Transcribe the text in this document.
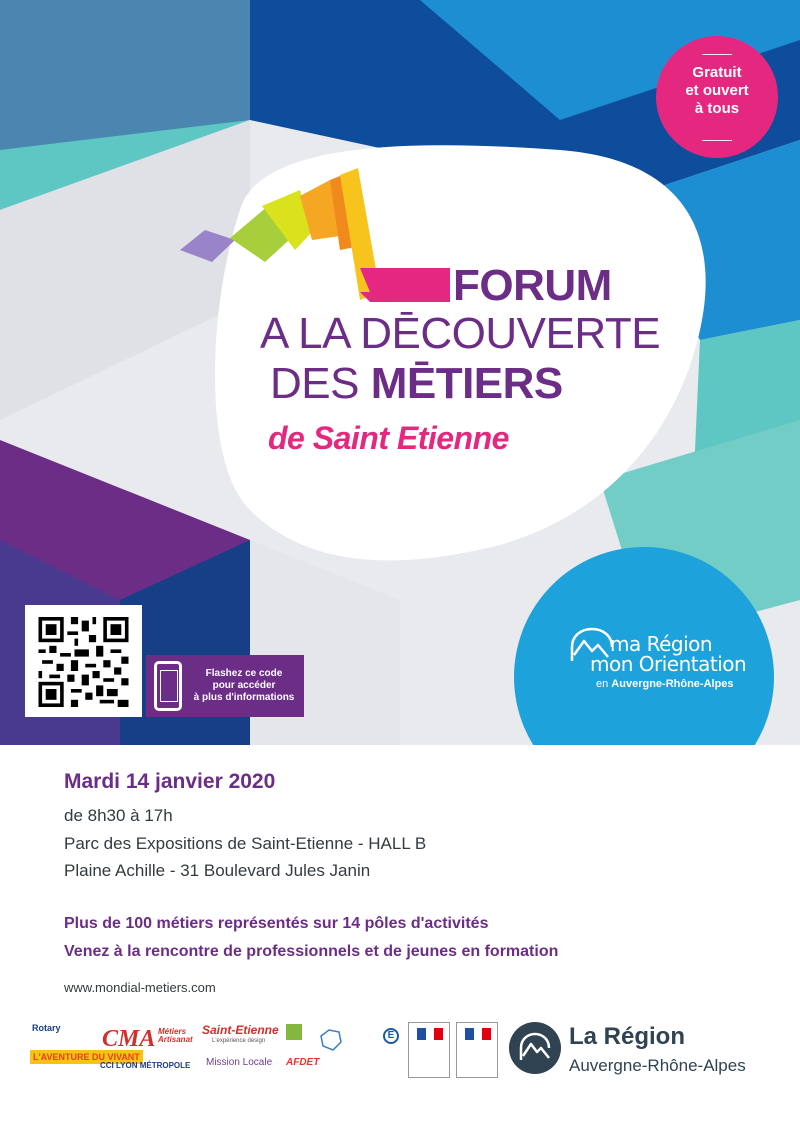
Gratuit
et ouvert
à tous
FORUM
A LA DĒCOUVERTE
DES MĒTIERS
de Saint Etienne
Flashez ce code
pour accéder
à plus d'informations
ma Région
mon Orientation
en Auvergne-Rhône-Alpes
Mardi 14 janvier 2020
de 8h30 à 17h
Parc des Expositions de Saint-Etienne - HALL B
Plaine Achille - 31 Boulevard Jules Janin
Plus de 100 métiers représentés sur 14 pôles d'activités
Venez à la rencontre de professionnels et de jeunes en formation
www.mondial-metiers.com
Rotary
L'AVENTURE DU VIVANT
CMA Métiers Artisanat
CCI LYON MÉTROPOLE
Saint-Etienne
L'expérience design
Mission Locale AFDET
E	La Région
Auvergne-Rhône-Alpes
